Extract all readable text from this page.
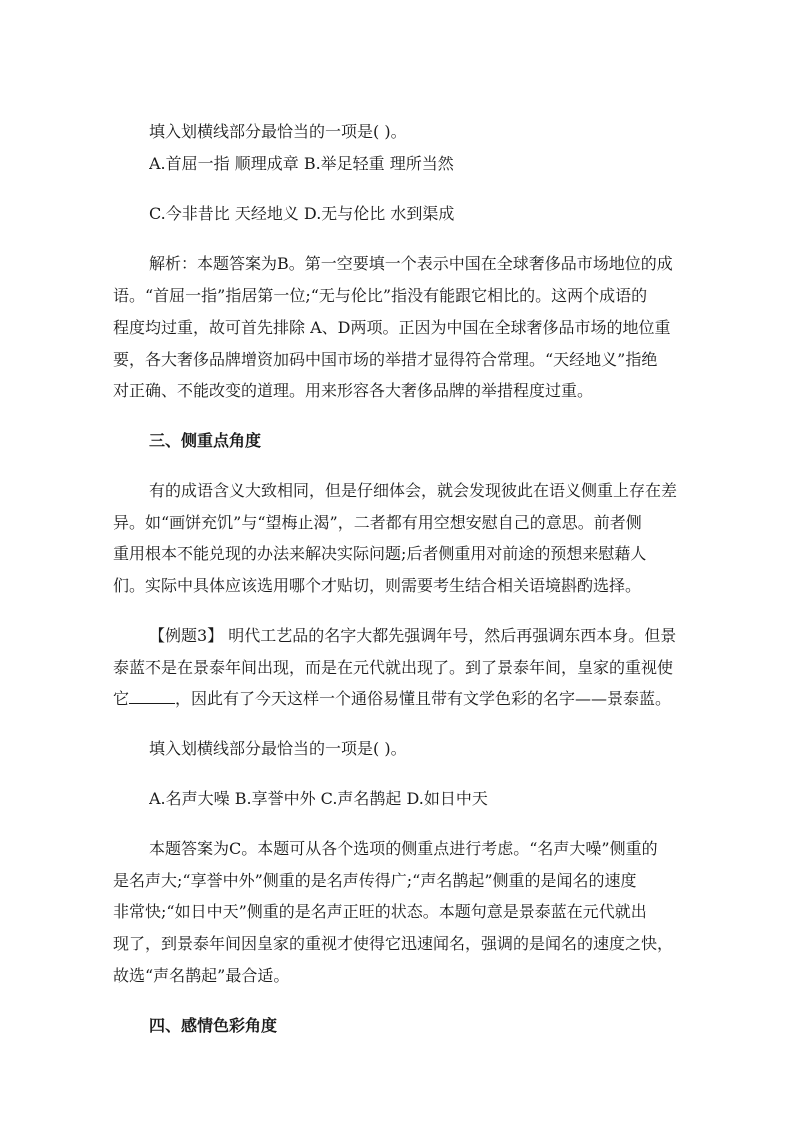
填入划横线部分最恰当的一项是( )。
A.首屈一指 顺理成章 B.举足轻重 理所当然
C.今非昔比 天经地义 D.无与伦比 水到渠成
解析：本题答案为B。第一空要填一个表示中国在全球奢侈品市场地位的成
语。“首屈一指”指居第一位;“无与伦比”指没有能跟它相比的。这两个成语的
程度均过重，故可首先排除 A、D两项。正因为中国在全球奢侈品市场的地位重
要，各大奢侈品牌增资加码中国市场的举措才显得符合常理。“天经地义”指绝
对正确、不能改变的道理。用来形容各大奢侈品牌的举措程度过重。
三、侧重点角度
有的成语含义大致相同，但是仔细体会，就会发现彼此在语义侧重上存在差
异。如“画饼充饥”与“望梅止渴”，二者都有用空想安慰自己的意思。前者侧
重用根本不能兑现的办法来解决实际问题;后者侧重用对前途的预想来慰藉人
们。实际中具体应该选用哪个才贴切，则需要考生结合相关语境斟酌选择。
【例题3】 明代工艺品的名字大都先强调年号，然后再强调东西本身。但景
泰蓝不是在景泰年间出现，而是在元代就出现了。到了景泰年间，皇家的重视使
它	，因此有了今天这样一个通俗易懂且带有文学色彩的名字——景泰蓝。
填入划横线部分最恰当的一项是( )。
A.名声大噪 B.享誉中外 C.声名鹊起 D.如日中天
本题答案为C。本题可从各个选项的侧重点进行考虑。“名声大噪”侧重的
是名声大;“享誉中外”侧重的是名声传得广;“声名鹊起”侧重的是闻名的速度
非常快;“如日中天”侧重的是名声正旺的状态。本题句意是景泰蓝在元代就出
现了，到景泰年间因皇家的重视才使得它迅速闻名，强调的是闻名的速度之快，
故选“声名鹊起”最合适。
四、感情色彩角度
